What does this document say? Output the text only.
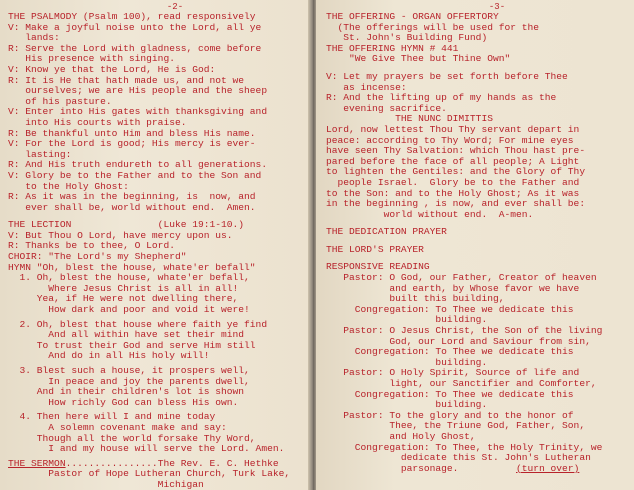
-2-
THE PSALMODY (Psalm 100), read responsively
V: Make a joyful noise unto the Lord, all ye
lands:
R: Serve the Lord with gladness, come before
His presence with singing.
V: Know ye that the Lord, He is God:
R: It is He that hath made us, and not we
ourselves; we are His people and the sheep
of his pasture.
V: Enter into His gates with thanksgiving and
into His courts with praise.
R: Be thankful unto Him and bless His name.
V: For the Lord is good; His mercy is ever-
lasting:
R: And His truth endureth to all generations.
V: Glory be to the Father and to the Son and
to the Holy Ghost:
R: As it was in the beginning, is  now, and
ever shall be, world without end.  Amen.
THE LECTION               (Luke 19:1-10.)
V: But Thou O Lord, have mercy upon us.
R: Thanks be to thee, O Lord.
CHOIR: "The Lord's my Shepherd"
HYMN "Oh, blest the house, whate'er befall"
1. Oh, blest the house, whate'er befall,
Where Jesus Christ is all in all!
Yea, if He were not dwelling there,
How dark and poor and void it were!
2. Oh, blest that house where faith ye find
And all within have set their mind
To trust their God and serve Him still
And do in all His holy will!
3. Blest such a house, it prospers well,
In peace and joy the parents dwell,
And in their children's lot is shown
How richly God can bless His own.
4. Then here will I and mine today
A solemn covenant make and say:
Though all the world forsake Thy Word,
I and my house will serve the Lord. Amen.
THE SERMON................The Rev. E. C. Hethke
Pastor of Hope Lutheran Church, Turk Lake,
Michigan
-3-
THE OFFERING - ORGAN OFFERTORY
(The offerings will be used for the
St. John's Building Fund)
THE OFFERING HYMN # 441
"We Give Thee but Thine Own"
V: Let my prayers be set forth before Thee
as incense:
R: And the lifting up of my hands as the
evening sacrifice.
THE NUNC DIMITTIS
Lord, now lettest Thou Thy servant depart in
peace: according to Thy Word; For mine eyes
have seen Thy Salvation: which Thou hast pre-
pared before the face of all people; A Light
to lighten the Gentiles: and the Glory of Thy
people Israel.  Glory be to the Father and
to the Son: and to the Holy Ghost; As it was
in the beginning , is now, and ever shall be:
world without end.  A-men.
THE DEDICATION PRAYER
THE LORD'S PRAYER
RESPONSIVE READING
Pastor: O God, our Father, Creator of heaven
and earth, by Whose favor we have
built this building,
Congregation: To Thee we dedicate this
building.
Pastor: O Jesus Christ, the Son of the living
God, our Lord and Saviour from sin,
Congregation: To Thee we dedicate this
building.
Pastor: O Holy Spirit, Source of life and
light, our Sanctifier and Comforter,
Congregation: To Thee we dedicate this
building.
Pastor: To the glory and to the honor of
Thee, the Triune God, Father, Son,
and Holy Ghost,
Congregation: To Thee, the Holy Trinity, we
dedicate this St. John's Lutheran
parsonage.	(turn over)
